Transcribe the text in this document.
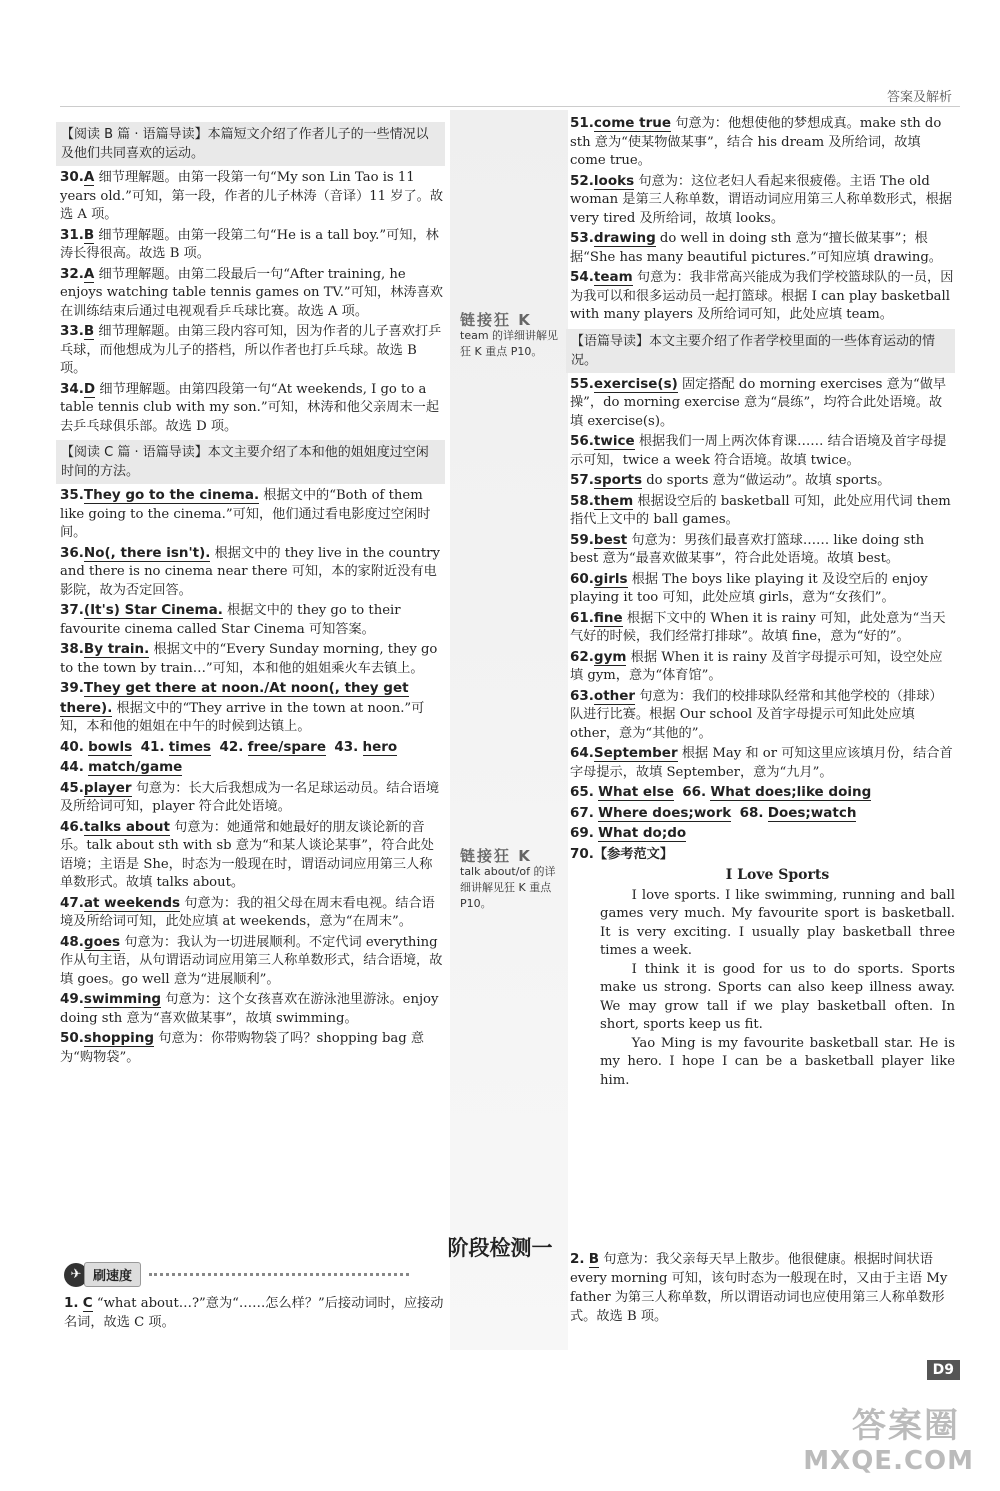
答案及解析
链接狂 K
team 的详细讲解见狂 K 重点 P10。
链接狂 K
talk about/of 的详细讲解见狂 K 重点 P10。
【阅读 B 篇 · 语篇导读】本篇短文介绍了作者儿子的一些情况以及他们共同喜欢的运动。
30.A 细节理解题。由第一段第一句“My son Lin Tao is 11 years old.”可知，第一段，作者的儿子林涛（音译）11 岁了。故选 A 项。
31.B 细节理解题。由第一段第二句“He is a tall boy.”可知，林涛长得很高。故选 B 项。
32.A 细节理解题。由第二段最后一句“After training, he enjoys watching table tennis games on TV.”可知，林涛喜欢在训练结束后通过电视观看乒乓球比赛。故选 A 项。
33.B 细节理解题。由第三段内容可知，因为作者的儿子喜欢打乒乓球，而他想成为儿子的搭档，所以作者也打乒乓球。故选 B 项。
34.D 细节理解题。由第四段第一句“At weekends, I go to a table tennis club with my son.”可知，林涛和他父亲周末一起去乒乓球俱乐部。故选 D 项。
【阅读 C 篇 · 语篇导读】本文主要介绍了本和他的姐姐度过空闲时间的方法。
35.They go to the cinema. 根据文中的“Both of them like going to the cinema.”可知，他们通过看电影度过空闲时间。
36.No(, there isn't). 根据文中的 they live in the country and there is no cinema near there 可知，本的家附近没有电影院，故为否定回答。
37.(It's) Star Cinema. 根据文中的 they go to their favourite cinema called Star Cinema 可知答案。
38.By train. 根据文中的“Every Sunday morning, they go to the town by train…”可知，本和他的姐姐乘火车去镇上。
39.They get there at noon./At noon(, they get there). 根据文中的“They arrive in the town at noon.”可知，本和他的姐姐在中午的时候到达镇上。
40. bowls 41. times 42. free/spare 43. hero
44. match/game
45.player 句意为：长大后我想成为一名足球运动员。结合语境及所给词可知，player 符合此处语境。
46.talks about 句意为：她通常和她最好的朋友谈论新的音乐。talk about sth with sb 意为“和某人谈论某事”，符合此处语境；主语是 She，时态为一般现在时，谓语动词应用第三人称单数形式。故填 talks about。
47.at weekends 句意为：我的祖父母在周末看电视。结合语境及所给词可知，此处应填 at weekends，意为“在周末”。
48.goes 句意为：我认为一切进展顺利。不定代词 everything 作从句主语，从句谓语动词应用第三人称单数形式，结合语境，故填 goes。go well 意为“进展顺利”。
49.swimming 句意为：这个女孩喜欢在游泳池里游泳。enjoy doing sth 意为“喜欢做某事”，故填 swimming。
50.shopping 句意为：你带购物袋了吗？shopping bag 意为“购物袋”。
51.come true 句意为：他想使他的梦想成真。make sth do sth 意为“使某物做某事”，结合 his dream 及所给词，故填 come true。
52.looks 句意为：这位老妇人看起来很疲倦。主语 The old woman 是第三人称单数，谓语动词应用第三人称单数形式，根据 very tired 及所给词，故填 looks。
53.drawing do well in doing sth 意为“擅长做某事”；根据“She has many beautiful pictures.”可知应填 drawing。
54.team 句意为：我非常高兴能成为我们学校篮球队的一员，因为我可以和很多运动员一起打篮球。根据 I can play basketball with many players 及所给词可知，此处应填 team。
【语篇导读】本文主要介绍了作者学校里面的一些体育运动的情况。
55.exercise(s) 固定搭配 do morning exercises 意为“做早操”，do morning exercise 意为“晨练”，均符合此处语境。故填 exercise(s)。
56.twice 根据我们一周上两次体育课…… 结合语境及首字母提示可知，twice a week 符合语境。故填 twice。
57.sports do sports 意为“做运动”。故填 sports。
58.them 根据设空后的 basketball 可知，此处应用代词 them 指代上文中的 ball games。
59.best 句意为：男孩们最喜欢打篮球…… like doing sth best 意为“最喜欢做某事”，符合此处语境。故填 best。
60.girls 根据 The boys like playing it 及设空后的 enjoy playing it too 可知，此处应填 girls，意为“女孩们”。
61.fine 根据下文中的 When it is rainy 可知，此处意为“当天气好的时候，我们经常打排球”。故填 fine，意为“好的”。
62.gym 根据 When it is rainy 及首字母提示可知，设空处应填 gym，意为“体育馆”。
63.other 句意为：我们的校排球队经常和其他学校的（排球）队进行比赛。根据 Our school 及首字母提示可知此处应填 other，意为“其他的”。
64.September 根据 May 和 or 可知这里应该填月份，结合首字母提示，故填 September，意为“九月”。
65. What else 66. What does;like doing
67. Where does;work 68. Does;watch
69. What do;do
70.【参考范文】
I Love Sports

I love sports. I like swimming, running and ball games very much. My favourite sport is basketball. It is very exciting. I usually play basketball three times a week.

I think it is good for us to do sports. Sports make us strong. Sports can also keep illness away. We may grow tall if we play basketball often. In short, sports keep us fit.

Yao Ming is my favourite basketball star. He is my hero. I hope I can be a basketball player like him.

阶段检测一
✈ 刷速度
1. C “what about…?”意为“……怎么样？”后接动词时，应接动名词，故选 C 项。
2. B 句意为：我父亲每天早上散步。他很健康。根据时间状语 every morning 可知，该句时态为一般现在时，又由于主语 My father 为第三人称单数，所以谓语动词也应使用第三人称单数形式。故选 B 项。
D9
答案圈
MXQE.COM
